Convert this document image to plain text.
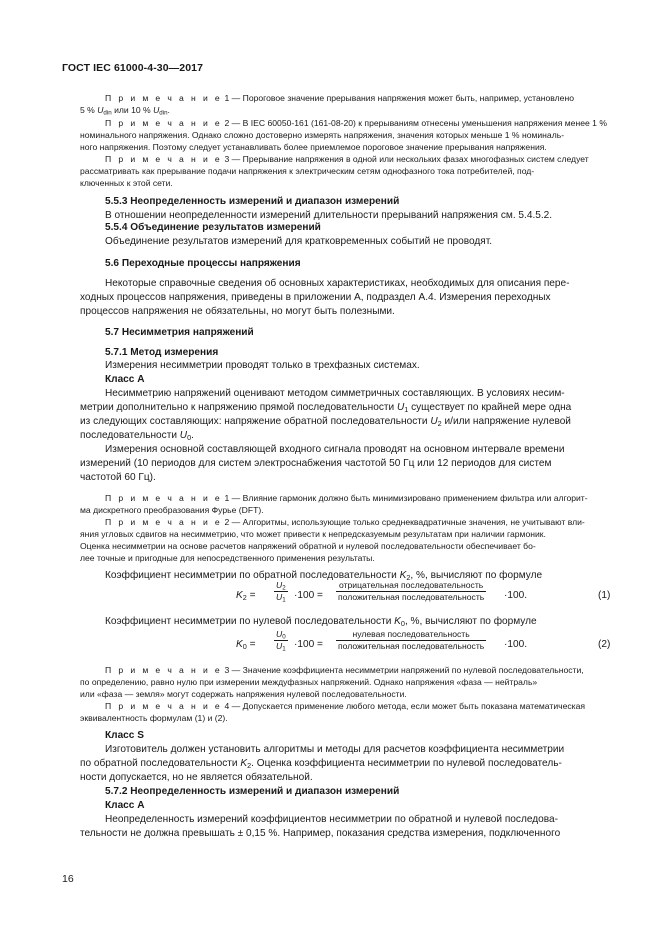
ГОСТ IEC 61000-4-30—2017
П р и м е ч а н и е 1 — Пороговое значение прерывания напряжения может быть, например, установлено
5 % $U_{din}$ или 10 % $U_{din}$.
П р и м е ч а н и е 2 — В IEC 60050-161 (161-08-20) к прерываниям отнесены уменьшения напряжения менее 1 %
номинального напряжения. Однако сложно достоверно измерять напряжения, значения которых меньше 1 % номиналь-
ного напряжения. Поэтому следует устанавливать более приемлемое пороговое значение прерывания напряжения.
П р и м е ч а н и е 3 — Прерывание напряжения в одной или нескольких фазах многофазных систем следует
рассматривать как прерывание подачи напряжения к электрическим сетям однофазного тока потребителей, под-
ключенных к этой сети.
5.5.3 Неопределенность измерений и диапазон измерений
В отношении неопределенности измерений длительности прерываний напряжения см. 5.4.5.2.
5.5.4 Объединение результатов измерений
Объединение результатов измерений для кратковременных событий не проводят.
5.6 Переходные процессы напряжения
Некоторые справочные сведения об основных характеристиках, необходимых для описания пере-
ходных процессов напряжения, приведены в приложении А, подраздел А.4. Измерения переходных
процессов напряжения не обязательны, но могут быть полезными.
5.7 Несимметрия напряжений
5.7.1 Метод измерения
Измерения несимметрии проводят только в трехфазных системах.
Класс А
Несимметрию напряжений оценивают методом симметричных составляющих. В условиях несим-
метрии дополнительно к напряжению прямой последовательности $U_1$ существует по крайней мере одна
из следующих составляющих: напряжение обратной последовательности $U_2$ и/или напряжение нулевой
последовательности $U_0$.
Измерения основной составляющей входного сигнала проводят на основном интервале времени
измерений (10 периодов для систем электроснабжения частотой 50 Гц или 12 периодов для систем
частотой 60 Гц).
П р и м е ч а н и е 1 — Влияние гармоник должно быть минимизировано применением фильтра или алгорит-
ма дискретного преобразования Фурье (DFT).
П р и м е ч а н и е 2 — Алгоритмы, использующие только среднеквадратичные значения, не учитывают вли-
яния угловых сдвигов на несимметрию, что может привести к непредсказуемым результатам при наличии гармоник.
Оценка несимметрии на основе расчетов напряжений обратной и нулевой последовательности обеспечивает бо-
лее точные и пригодные для непосредственного применения результаты.
Коэффициент несимметрии по обратной последовательности $K_2$, %, вычисляют по формуле
$K_2$ =
$U_2$
$U_1 \cdot 100$ =
отрицательная последовательность
положительная последовательность ·100.	(1)
Коэффициент несимметрии по нулевой последовательности $K_0$, %, вычисляют по формуле
$K_0$ =
$U_0$
$U_1 \cdot 100$ =
нулевая последовательность
положительная последовательность ·100.	(2)
П р и м е ч а н и е 3 — Значение коэффициента несимметрии напряжений по нулевой последовательности,
по определению, равно нулю при измерении междуфазных напряжений. Однако напряжения «фаза — нейтраль»
или «фаза — земля» могут содержать напряжения нулевой последовательности.
П р и м е ч а н и е 4 — Допускается применение любого метода, если может быть показана математическая
эквивалентность формулам (1) и (2).
Класс S
Изготовитель должен установить алгоритмы и методы для расчетов коэффициента несимметрии
по обратной последовательности $K_2$. Оценка коэффициента несимметрии по нулевой последователь-
ности допускается, но не является обязательной.
5.7.2 Неопределенность измерений и диапазон измерений
Класс А
Неопределенность измерений коэффициентов несимметрии по обратной и нулевой последова-
тельности не должна превышать ± 0,15 %. Например, показания средства измерения, подключенного
16
